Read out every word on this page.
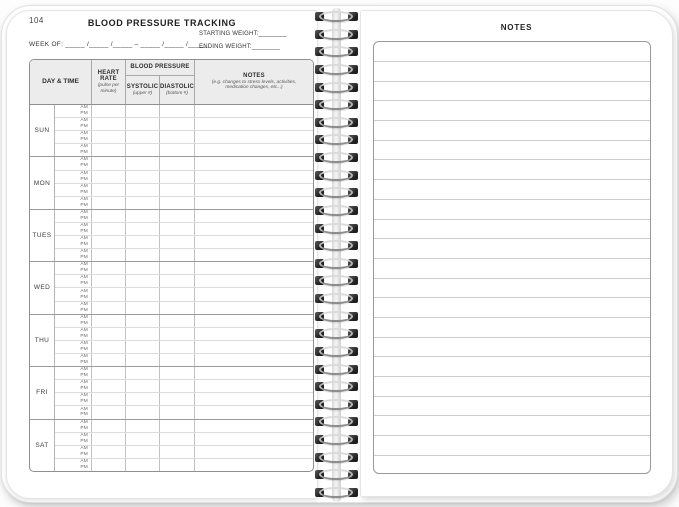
104	BLOOD PRESSURE TRACKING
WEEK OF: _____ /_____ /_____ – _____ /_____ /_____
STARTING WEIGHT:________
ENDING WEIGHT:________
DAY & TIME
HEART RATE
(pulse per minute)
BLOOD PRESSURE
SYSTOLIC
(upper #)
DIASTOLIC
(bottom #)
NOTES
(e.g. changes to stress levels, activities, medication changes, etc...)
SUN
AM
PM
AM
PM
AM
PM
AM
PM
MON
AM
PM
AM
PM
AM
PM
AM
PM
TUES
AM
PM
AM
PM
AM
PM
AM
PM
WED
AM
PM
AM
PM
AM
PM
AM
PM
THU
AM
PM
AM
PM
AM
PM
AM
PM
FRI
AM
PM
AM
PM
AM
PM
AM
PM
SAT
AM
PM
AM
PM
AM
PM
AM
PM
NOTES
